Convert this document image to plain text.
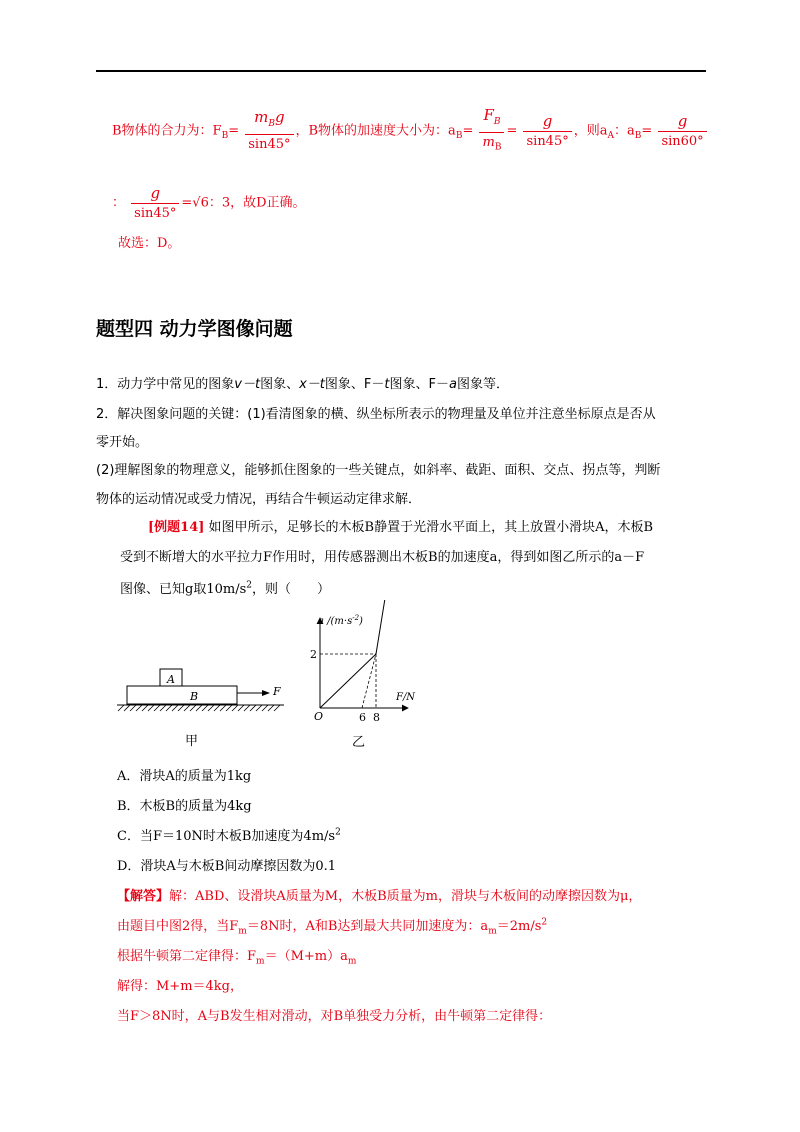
B物体的合力为：$F_B= \frac{m_Bg}{\sin 45^\circ}$ ，B物体的加速度大小为：$a_B= \frac{F_B}{m_B} = \frac{g}{\sin 45^\circ}$ ，则$a_A$：$a_B= \frac{g}{\sin 60^\circ}$
： $\frac{g}{\sin 45^\circ} =√6$：3，故D正确。
故选：D。
题型四 动力学图像问题
1．动力学中常见的图象v－t图象、x－t图象、F－t图象、F－a图象等．
2．解决图象问题的关键：(1)看清图象的横、纵坐标所表示的物理量及单位并注意坐标原点是否从
零开始。
(2)理解图象的物理意义，能够抓住图象的一些关键点，如斜率、截距、面积、交点、拐点等，判断
物体的运动情况或受力情况，再结合牛顿运动定律求解．
[例题14] 如图甲所示，足够长的木板B静置于光滑水平面上，其上放置小滑块A，木板B
受到不断增大的水平拉力F作用时，用传感器测出木板B的加速度a，得到如图乙所示的a－F
图像、已知g取$10m/s^2$，则（　　）
A
B	F
甲
a $/(m\cdot s^{-2})$
F/N
O
2
6 8
乙
A．滑块A的质量为1kg
B．木板B的质量为4kg
C．当F＝10N时木板B加速度为$4m/s^2$
D．滑块A与木板B间动摩擦因数为0.1
【解答】解：ABD、设滑块A质量为M，木板B质量为m，滑块与木板间的动摩擦因数为μ，
由题目中图2得，当$F_m=8N$时，A和B达到最大共同加速度为：$a_m=2m/s^2$
根据牛顿第二定律得：$F_m=(M+m)a_m$
解得：M+m＝4kg，
当F＞8N时，A与B发生相对滑动，对B单独受力分析，由牛顿第二定律得：
